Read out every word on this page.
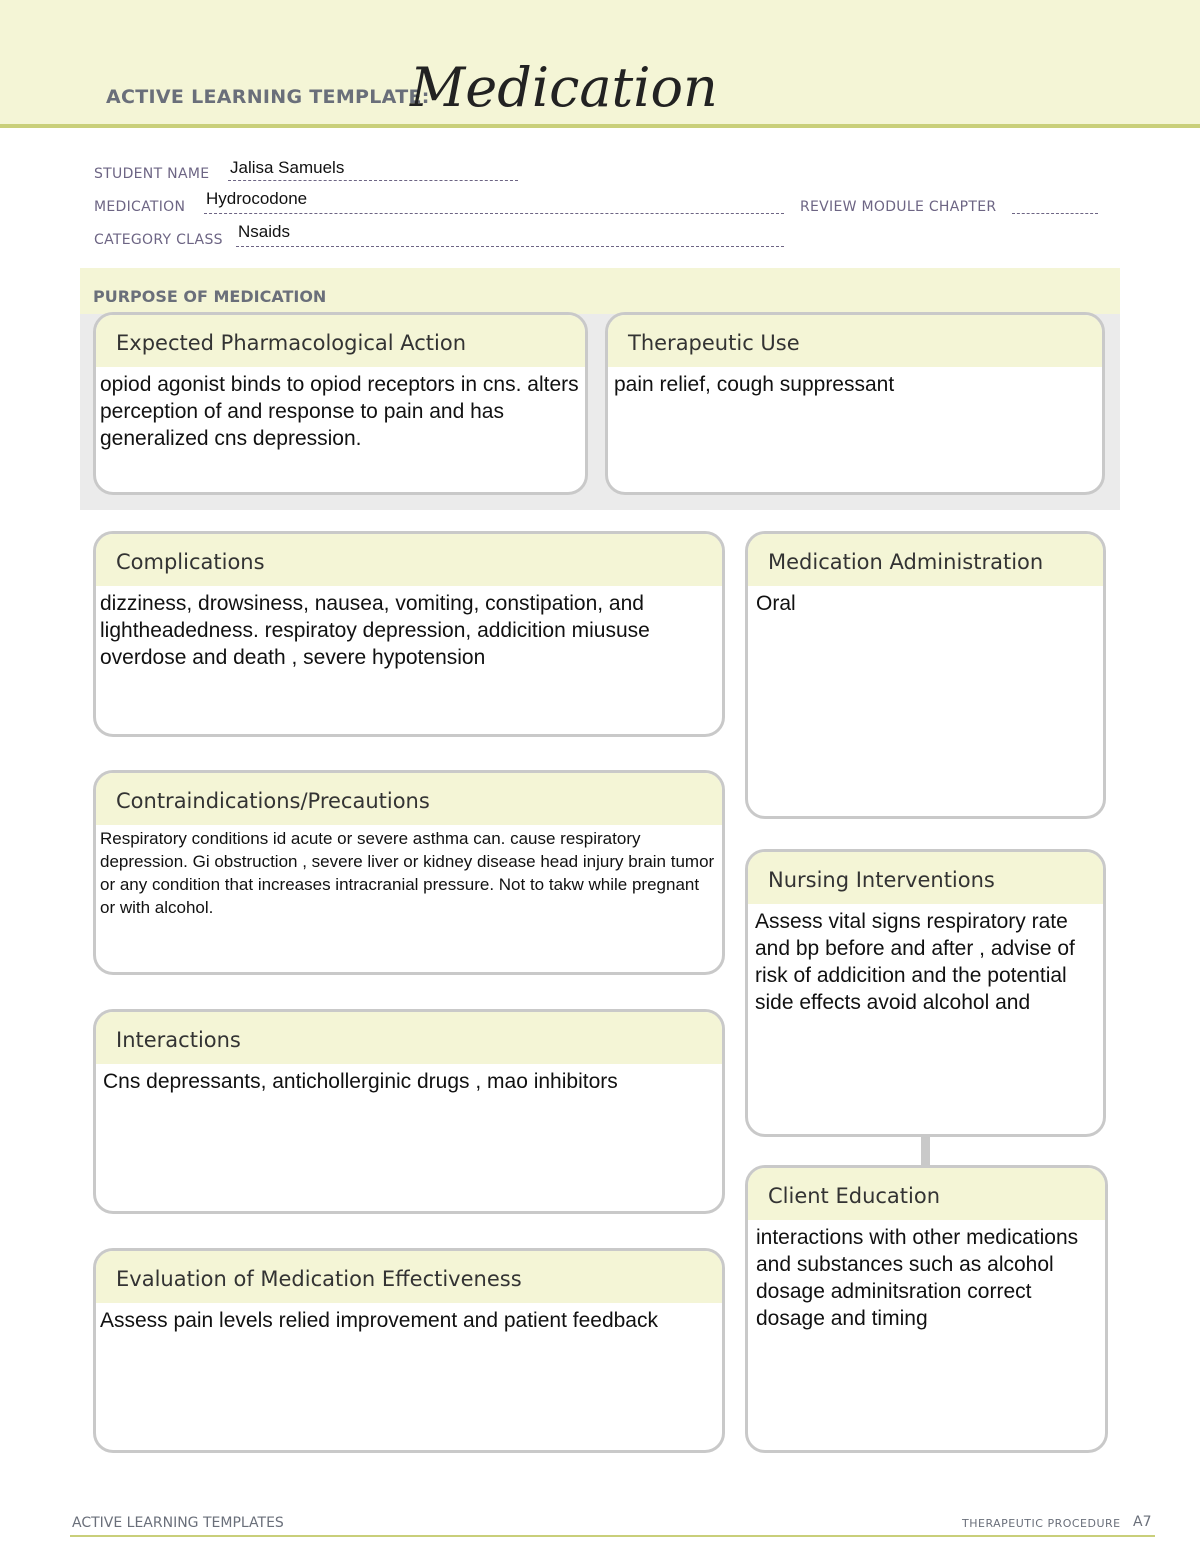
ACTIVE LEARNING TEMPLATE:
Medication
STUDENT NAME Jalisa Samuels
MEDICATION Hydrocodone	REVIEW MODULE CHAPTER
CATEGORY CLASS Nsaids
PURPOSE OF MEDICATION
Expected Pharmacological Action
opiod agonist binds to opiod receptors in cns. alters perception of and response to pain and has generalized cns depression.
Therapeutic Use
pain relief, cough suppressant
Complications
dizziness, drowsiness, nausea, vomiting, constipation, and lightheadedness. respiratoy depression, addicition miususe overdose and death , severe hypotension
Contraindications/Precautions
Respiratory conditions id acute or severe asthma can. cause respiratory depression. Gi obstruction , severe liver or kidney disease head injury brain tumor or any condition that increases intracranial pressure. Not to takw while pregnant or with alcohol.
Interactions
Cns depressants, antichollerginic drugs , mao inhibitors
Evaluation of Medication Effectiveness
Assess pain levels relied improvement and patient feedback
Medication Administration
Oral
Nursing Interventions
Assess vital signs respiratory rate and bp before and after , advise of risk of addicition and the potential side effects avoid alcohol and
Client Education
interactions with other medications and substances such as alcohol dosage adminitsration correct dosage and timing
ACTIVE LEARNING TEMPLATES	THERAPEUTIC PROCEDURE A7
